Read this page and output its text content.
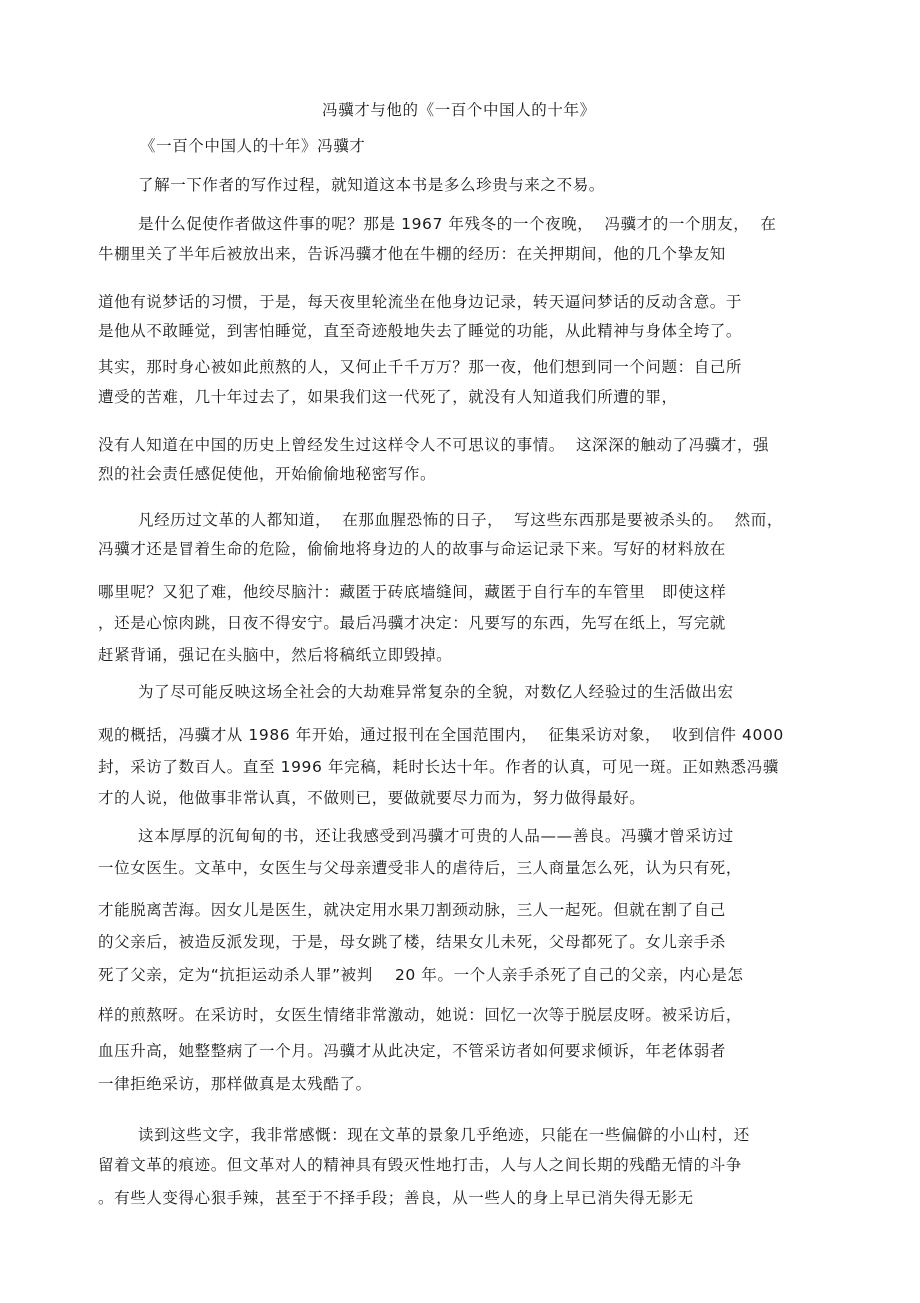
冯骥才与他的《一百个中国人的十年》
《一百个中国人的十年》冯骥才
了解一下作者的写作过程，就知道这本书是多么珍贵与来之不易。
是什么促使作者做这件事的呢？那是 1967 年残冬的一个夜晚，  冯骥才的一个朋友，  在
牛棚里关了半年后被放出来，告诉冯骥才他在牛棚的经历：在关押期间，他的几个挚友知
道他有说梦话的习惯，于是，每天夜里轮流坐在他身边记录，转天逼问梦话的反动含意。于
是他从不敢睡觉，到害怕睡觉，直至奇迹般地失去了睡觉的功能，从此精神与身体全垮了。
其实，那时身心被如此煎熬的人，又何止千千万万？那一夜，他们想到同一个问题：自己所
遭受的苦难，几十年过去了，如果我们这一代死了，就没有人知道我们所遭的罪，
没有人知道在中国的历史上曾经发生过这样令人不可思议的事情。  这深深的触动了冯骥才，强
烈的社会责任感促使他，开始偷偷地秘密写作。
凡经历过文革的人都知道，  在那血腥恐怖的日子，  写这些东西那是要被杀头的。  然而，
冯骥才还是冒着生命的危险，偷偷地将身边的人的故事与命运记录下来。写好的材料放在
哪里呢？又犯了难，他绞尽脑汁：藏匿于砖底墙缝间，藏匿于自行车的车管里   即使这样
，还是心惊肉跳，日夜不得安宁。最后冯骥才决定：凡要写的东西，先写在纸上，写完就
赶紧背诵，强记在头脑中，然后将稿纸立即毁掉。
为了尽可能反映这场全社会的大劫难异常复杂的全貌，对数亿人经验过的生活做出宏
观的概括，冯骥才从 1986 年开始，通过报刊在全国范围内，  征集采访对象，  收到信件 4000
封，采访了数百人。直至 1996 年完稿，耗时长达十年。作者的认真，可见一斑。正如熟悉冯骥
才的人说，他做事非常认真，不做则已，要做就要尽力而为，努力做得最好。
这本厚厚的沉甸甸的书，还让我感受到冯骥才可贵的人品——善良。冯骥才曾采访过
一位女医生。文革中，女医生与父母亲遭受非人的虐待后，三人商量怎么死，认为只有死，
才能脱离苦海。因女儿是医生，就决定用水果刀割颈动脉，三人一起死。但就在割了自己
的父亲后，被造反派发现，于是，母女跳了楼，结果女儿未死，父母都死了。女儿亲手杀
死了父亲，定为“抗拒运动杀人罪”被判    20 年。一个人亲手杀死了自己的父亲，内心是怎
样的煎熬呀。在采访时，女医生情绪非常激动，她说：回忆一次等于脱层皮呀。被采访后，
血压升高，她整整病了一个月。冯骥才从此决定，不管采访者如何要求倾诉，年老体弱者
一律拒绝采访，那样做真是太残酷了。
读到这些文字，我非常感慨：现在文革的景象几乎绝迹，只能在一些偏僻的小山村，还
留着文革的痕迹。但文革对人的精神具有毁灭性地打击，人与人之间长期的残酷无情的斗争
。有些人变得心狠手辣，甚至于不择手段；善良，从一些人的身上早已消失得无影无
